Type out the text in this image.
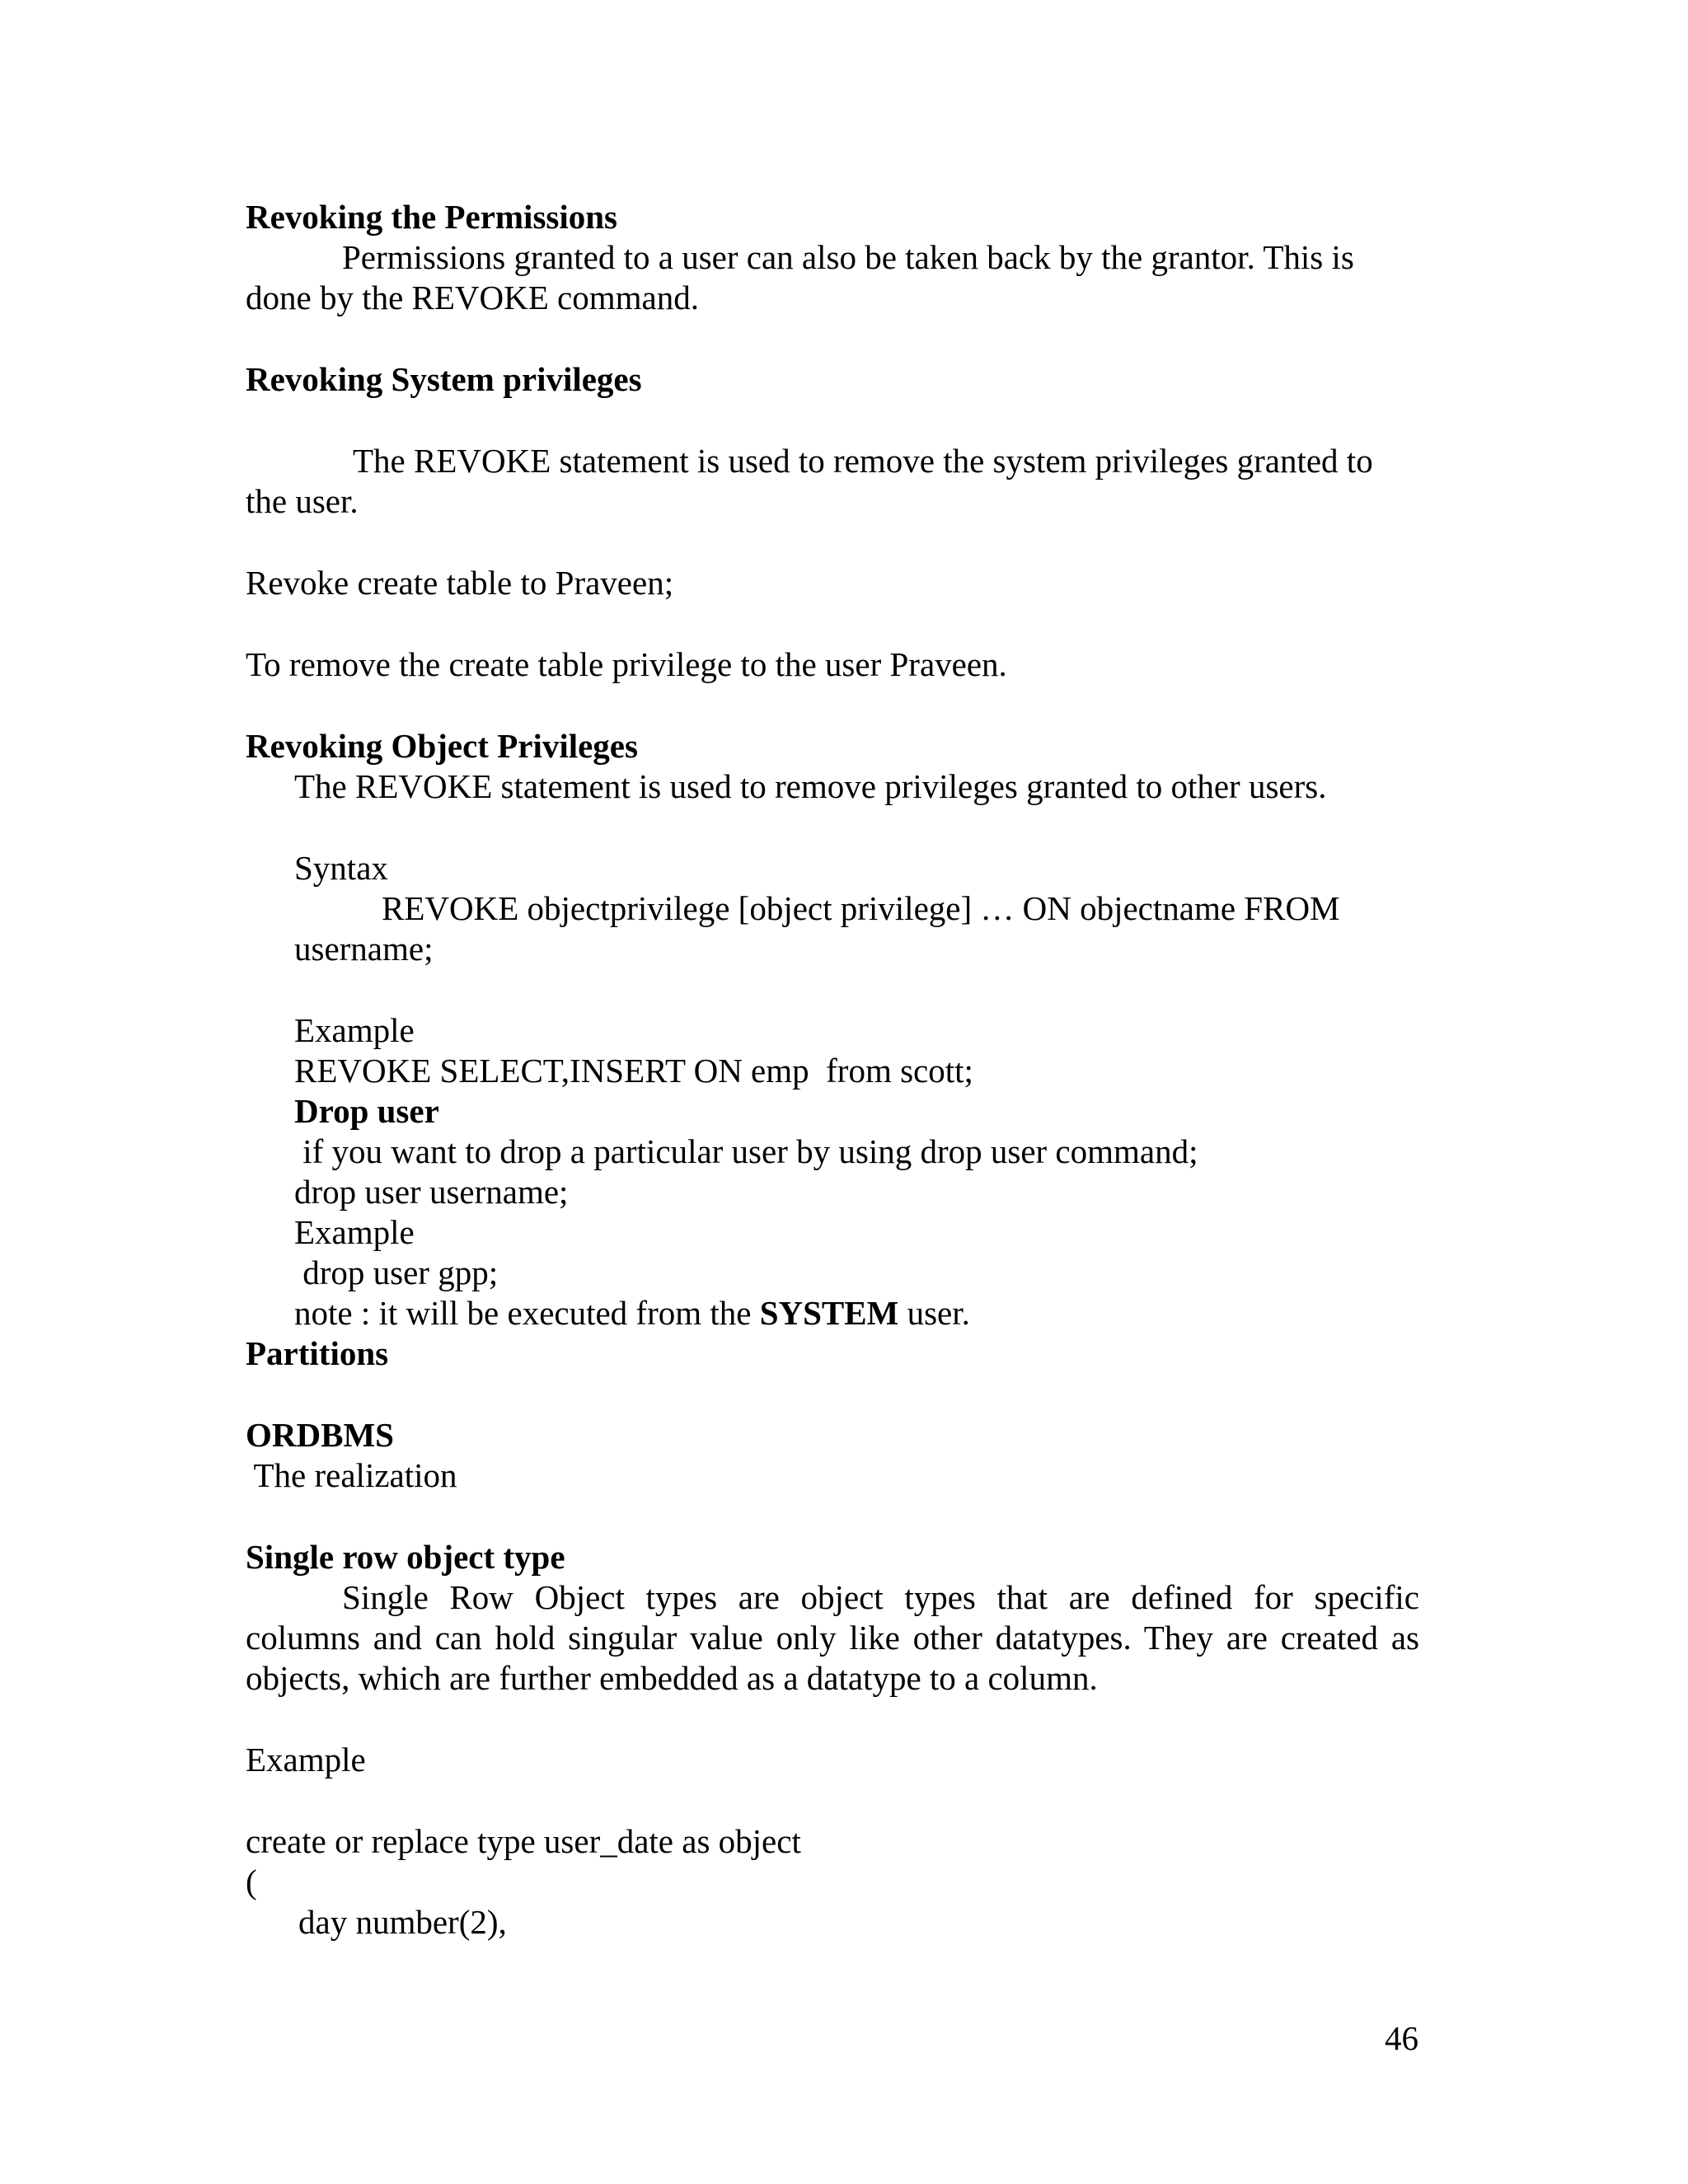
Revoking the Permissions
Permissions granted to a user can also be taken back by the grantor. This is
done by the REVOKE command.
Revoking System privileges
The REVOKE statement is used to remove the system privileges granted to
the user.
Revoke create table to Praveen;
To remove the create table privilege to the user Praveen.
Revoking Object Privileges
The REVOKE statement is used to remove privileges granted to other users.
Syntax
REVOKE objectprivilege [object privilege] … ON objectname FROM
username;
Example
REVOKE SELECT,INSERT ON emp  from scott;
Drop user
if you want to drop a particular user by using drop user command;
drop user username;
Example
drop user gpp;
note : it will be executed from the SYSTEM user.
Partitions
ORDBMS
The realization
Single row object type
Single Row Object types are object types that are defined for specific
columns and can hold singular value only like other datatypes. They are created as
objects, which are further embedded as a datatype to a column.
Example
create or replace type user_date as object
(
day number(2),
46
